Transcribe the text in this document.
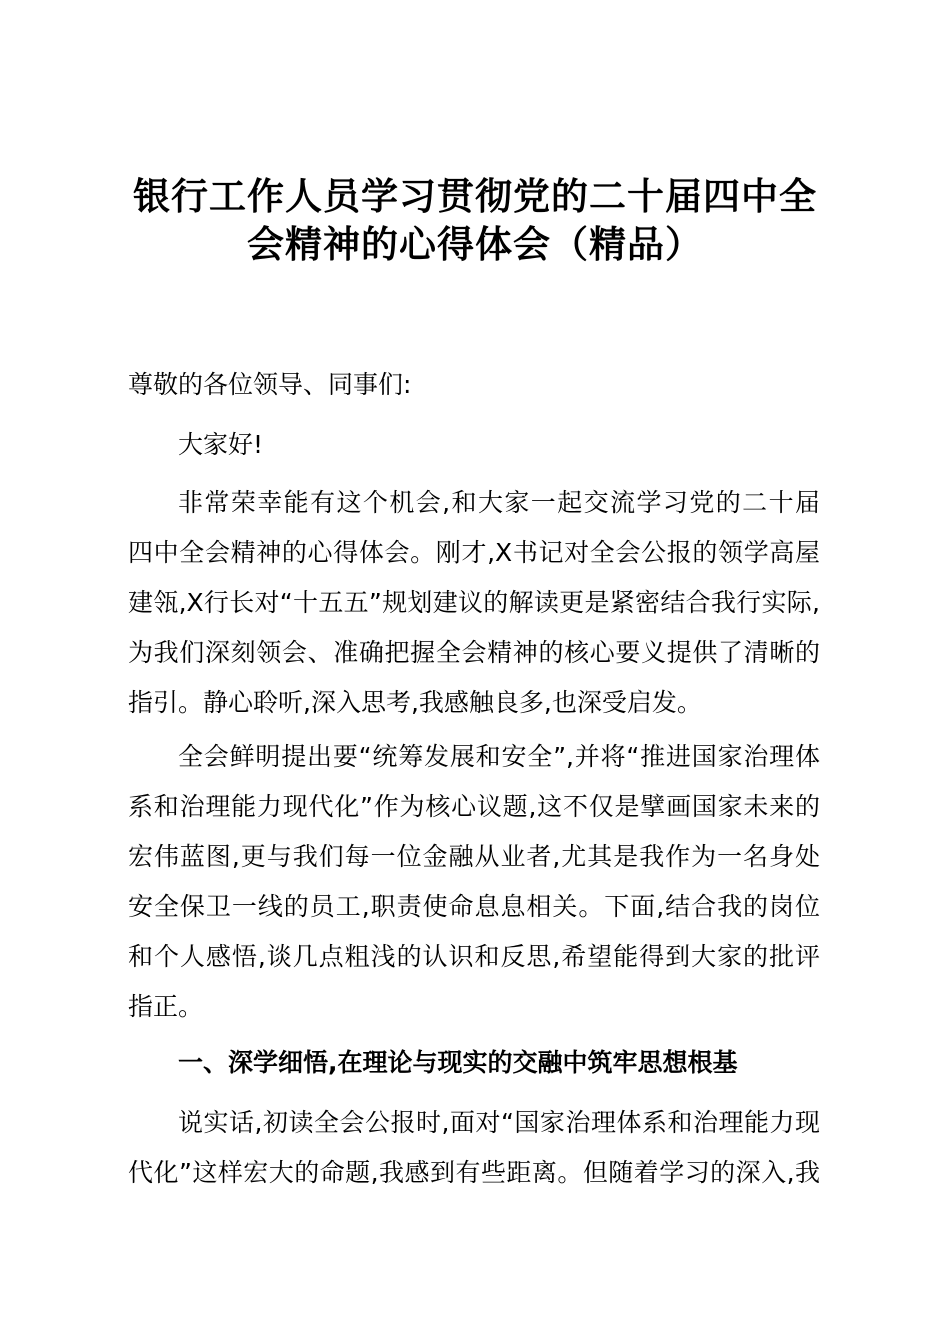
银行工作人员学习贯彻党的二十届四中全
会精神的心得体会（精品）
尊敬的各位领导、同事们:
大家好!
非常荣幸能有这个机会,和大家一起交流学习党的二十届
四中全会精神的心得体会。刚才,X书记对全会公报的领学高屋
建瓴,X行长对“十五五”规划建议的解读更是紧密结合我行实际,
为我们深刻领会、准确把握全会精神的核心要义提供了清晰的
指引。静心聆听,深入思考,我感触良多,也深受启发。
全会鲜明提出要“统筹发展和安全”,并将“推进国家治理体
系和治理能力现代化”作为核心议题,这不仅是擘画国家未来的
宏伟蓝图,更与我们每一位金融从业者,尤其是我作为一名身处
安全保卫一线的员工,职责使命息息相关。下面,结合我的岗位
和个人感悟,谈几点粗浅的认识和反思,希望能得到大家的批评
指正。
一、深学细悟,在理论与现实的交融中筑牢思想根基
说实话,初读全会公报时,面对“国家治理体系和治理能力现
代化”这样宏大的命题,我感到有些距离。但随着学习的深入,我
